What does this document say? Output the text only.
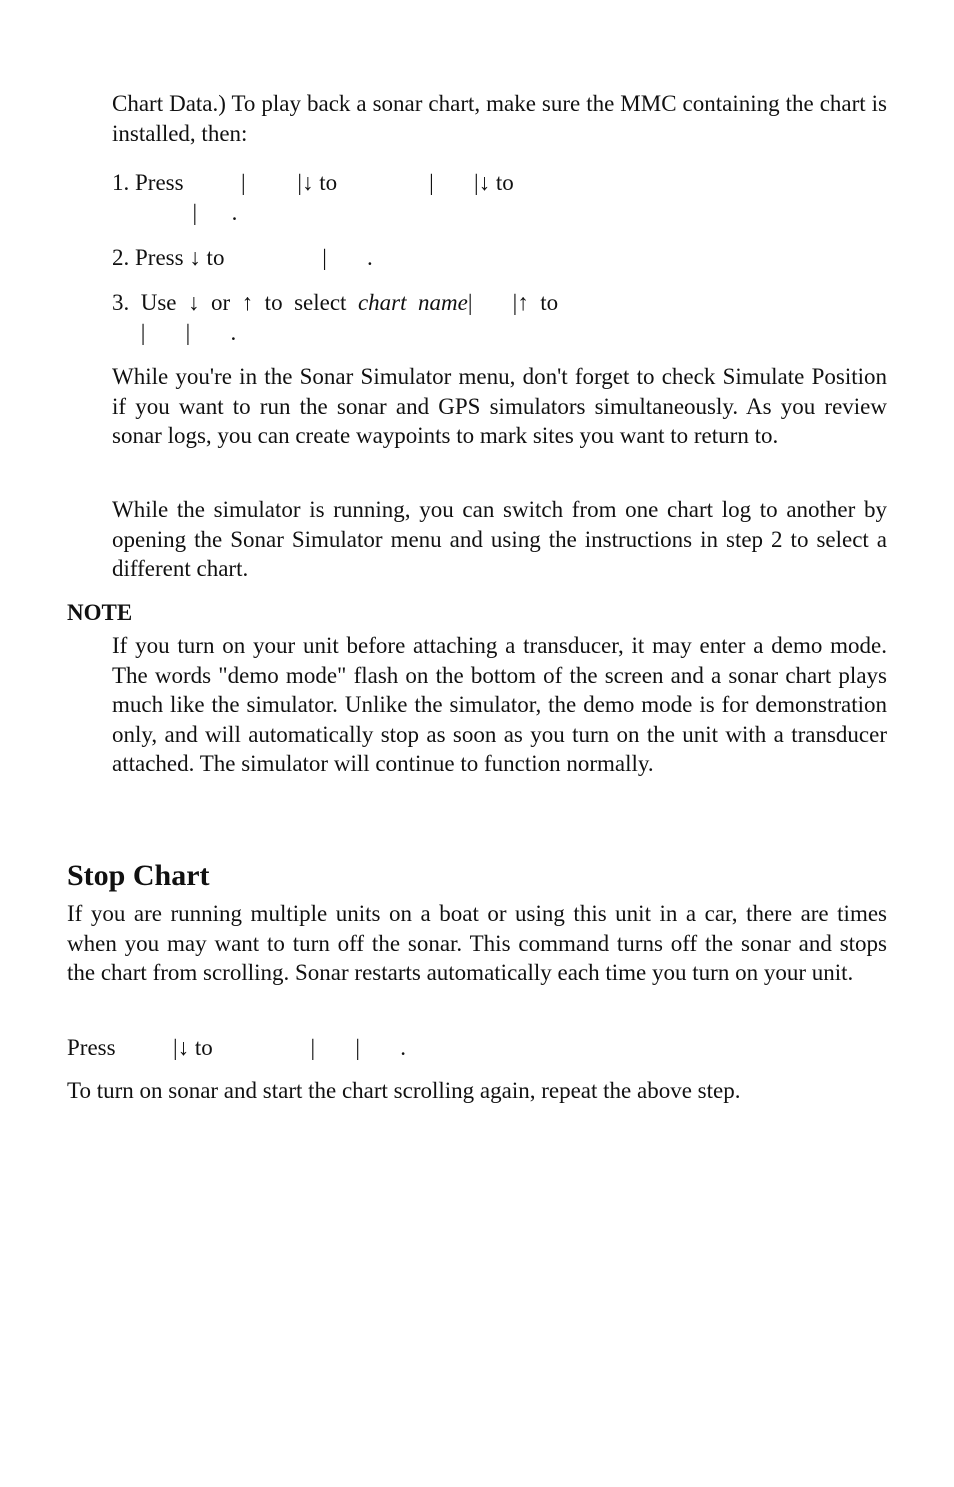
Chart Data.) To play back a sonar chart, make sure the MMC containing the chart is installed, then:

1. Press          |         |↓ to                |       |↓ to

|      .

2. Press ↓ to                 |       .

3.  Use  ↓  or  ↑  to  select  chart  name|       |↑  to

|       |       .

While you're in the Sonar Simulator menu, don't forget to check Simulate Position if you want to run the sonar and GPS simulators simultaneously. As you review sonar logs, you can create waypoints to mark sites you want to return to.

While the simulator is running, you can switch from one chart log to another by opening the Sonar Simulator menu and using the instructions in step 2 to select a different chart.

NOTE

If you turn on your unit before attaching a transducer, it may enter a demo mode. The words "demo mode" flash on the bottom of the screen and a sonar chart plays much like the simulator. Unlike the simulator, the demo mode is for demonstration only, and will automatically stop as soon as you turn on the unit with a transducer attached. The simulator will continue to function normally.

Stop Chart

If you are running multiple units on a boat or using this unit in a car, there are times when you may want to turn off the sonar. This command turns off the sonar and stops the chart from scrolling. Sonar restarts automatically each time you turn on your unit.

Press          |↓ to                 |       |       .

To turn on sonar and start the chart scrolling again, repeat the above step.
